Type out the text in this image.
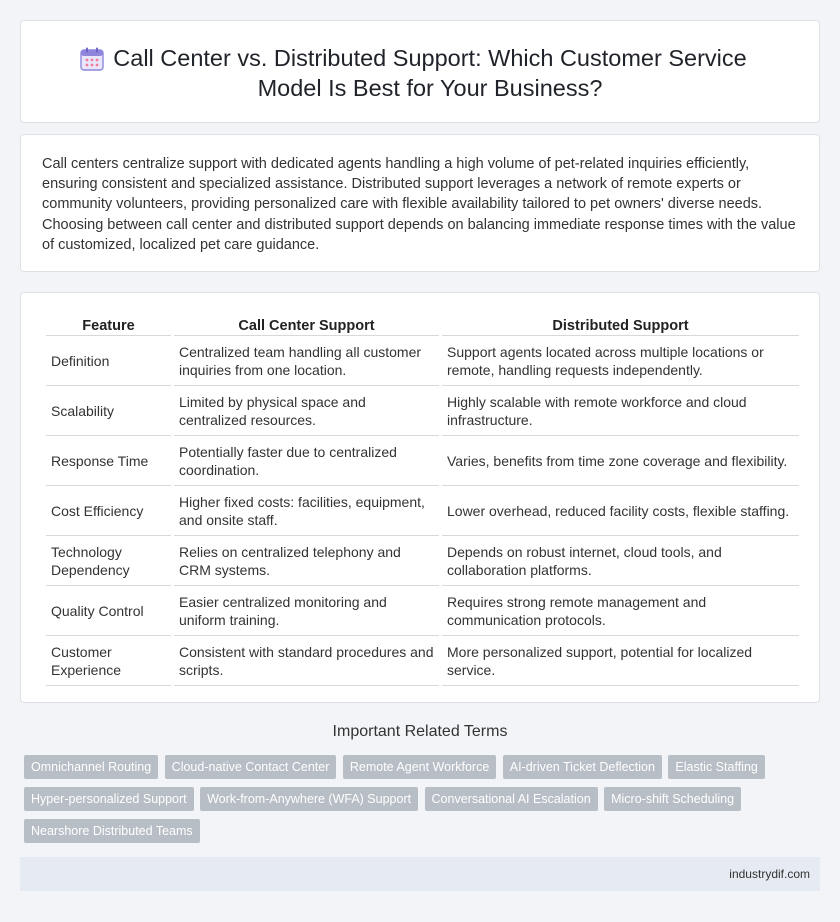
Call Center vs. Distributed Support: Which Customer Service Model Is Best for Your Business?

Call centers centralize support with dedicated agents handling a high volume of pet-related inquiries efficiently, ensuring consistent and specialized assistance. Distributed support leverages a network of remote experts or community volunteers, providing personalized care with flexible availability tailored to pet owners' diverse needs. Choosing between call center and distributed support depends on balancing immediate response times with the value of customized, localized pet care guidance.

Feature	Call Center Support	Distributed Support
Definition	Centralized team handling all customer inquiries from one location.	Support agents located across multiple locations or remote, handling requests independently.
Scalability	Limited by physical space and centralized resources.	Highly scalable with remote workforce and cloud infrastructure.
Response Time	Potentially faster due to centralized coordination.	Varies, benefits from time zone coverage and flexibility.
Cost Efficiency	Higher fixed costs: facilities, equipment, and onsite staff.	Lower overhead, reduced facility costs, flexible staffing.
Technology Dependency	Relies on centralized telephony and CRM systems.	Depends on robust internet, cloud tools, and collaboration platforms.
Quality Control	Easier centralized monitoring and uniform training.	Requires strong remote management and communication protocols.
Customer Experience	Consistent with standard procedures and scripts.	More personalized support, potential for localized service.
Important Related Terms
Omnichannel Routing Cloud-native Contact Center Remote Agent Workforce AI-driven Ticket Deflection Elastic Staffing Hyper-personalized Support Work-from-Anywhere (WFA) Support Conversational AI Escalation Micro-shift Scheduling Nearshore Distributed Teams
industrydif.com
